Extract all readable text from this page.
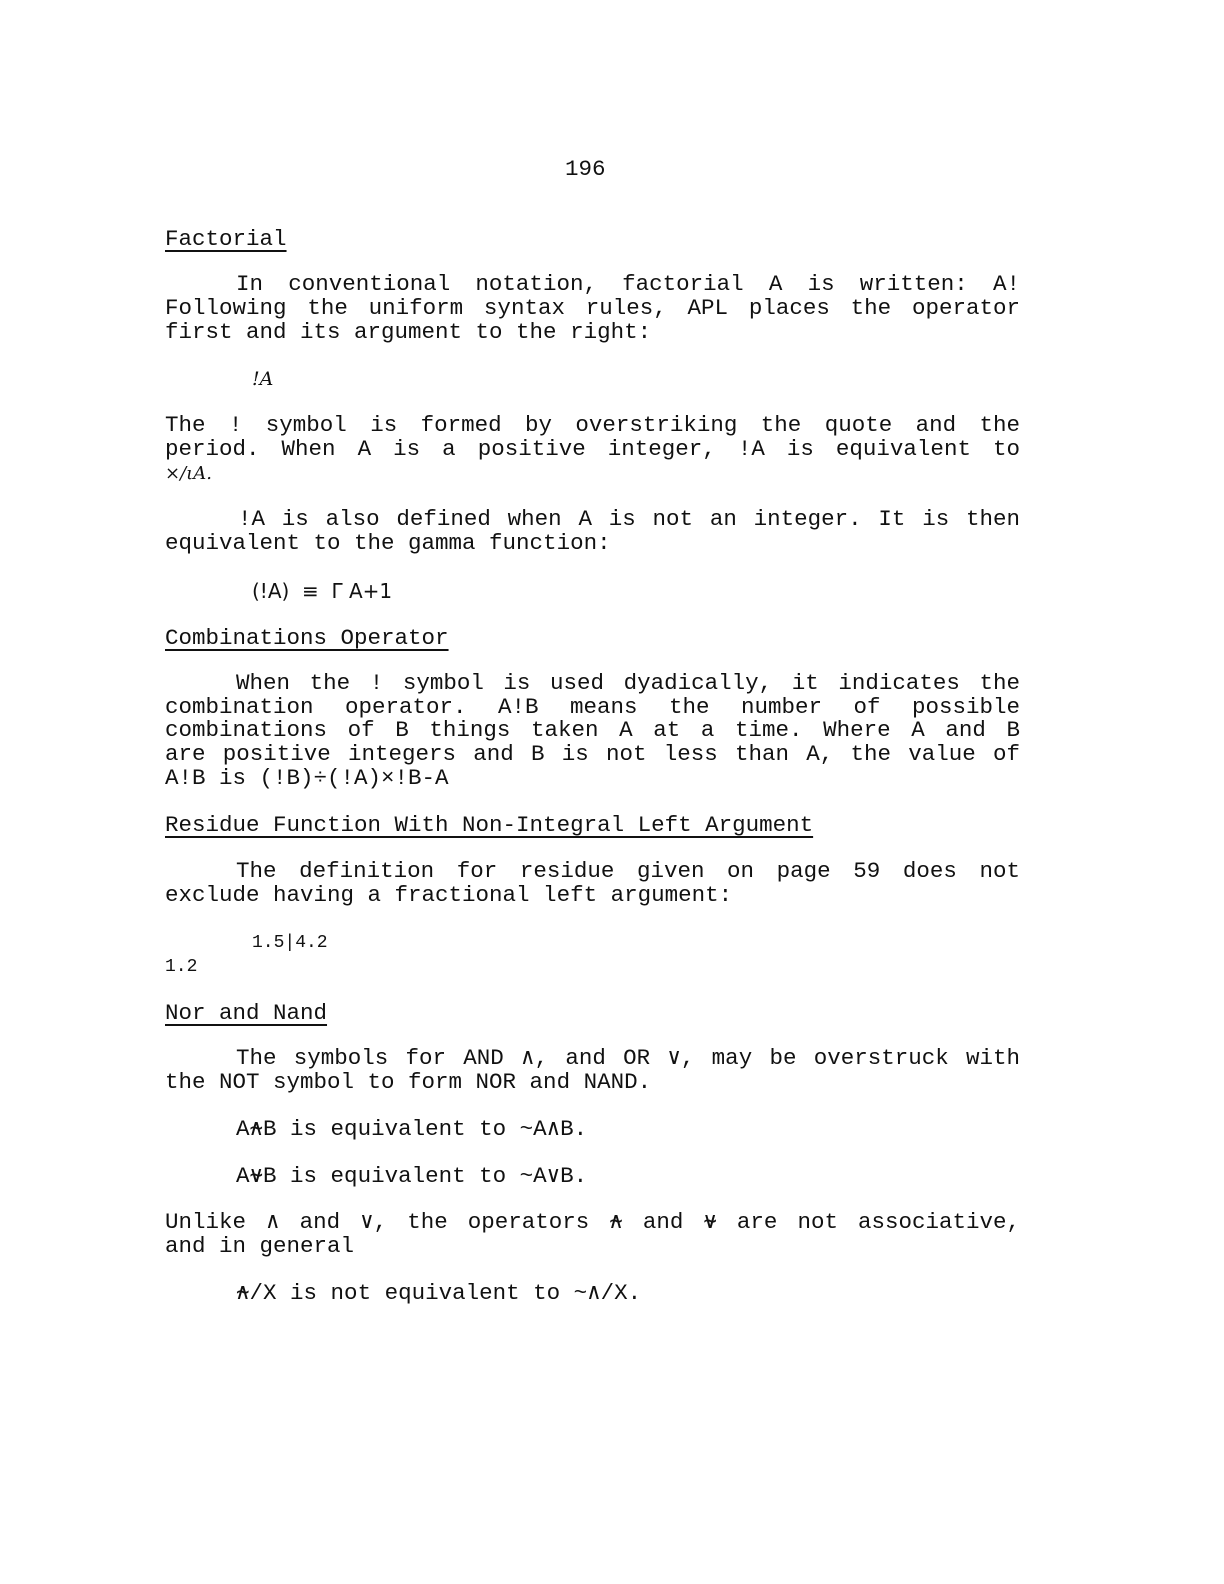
196
Factorial
In conventional notation, factorial A is written: A!
Following the uniform syntax rules, APL places the operator
first and its argument to the right:
!A
The ! symbol is formed by overstriking the quote and the
period. When A is a positive integer, !A is equivalent to
×/ιA.
!A is also defined when A is not an integer. It is then
equivalent to the gamma function:
(!A)  ≡  Γ A+1
Combinations Operator
When the ! symbol is used dyadically, it indicates the
combination operator. A!B means the number of possible
combinations of B things taken A at a time. Where A and B
are positive integers and B is not less than A, the value of
A!B is (!B)÷(!A)×!B-A
Residue Function With Non-Integral Left Argument
The definition for residue given on page 59 does not
exclude having a fractional left argument:
1.5|4.2
1.2
Nor and Nand
The symbols for AND ∧, and OR ∨, may be overstruck with
the NOT symbol to form NOR and NAND.
A⍲B is equivalent to ~A∧B.
A⍱B is equivalent to ~A∨B.
Unlike ∧ and ∨, the operators ⍲ and ⍱ are not associative,
and in general
⍲/X is not equivalent to ~∧/X.
